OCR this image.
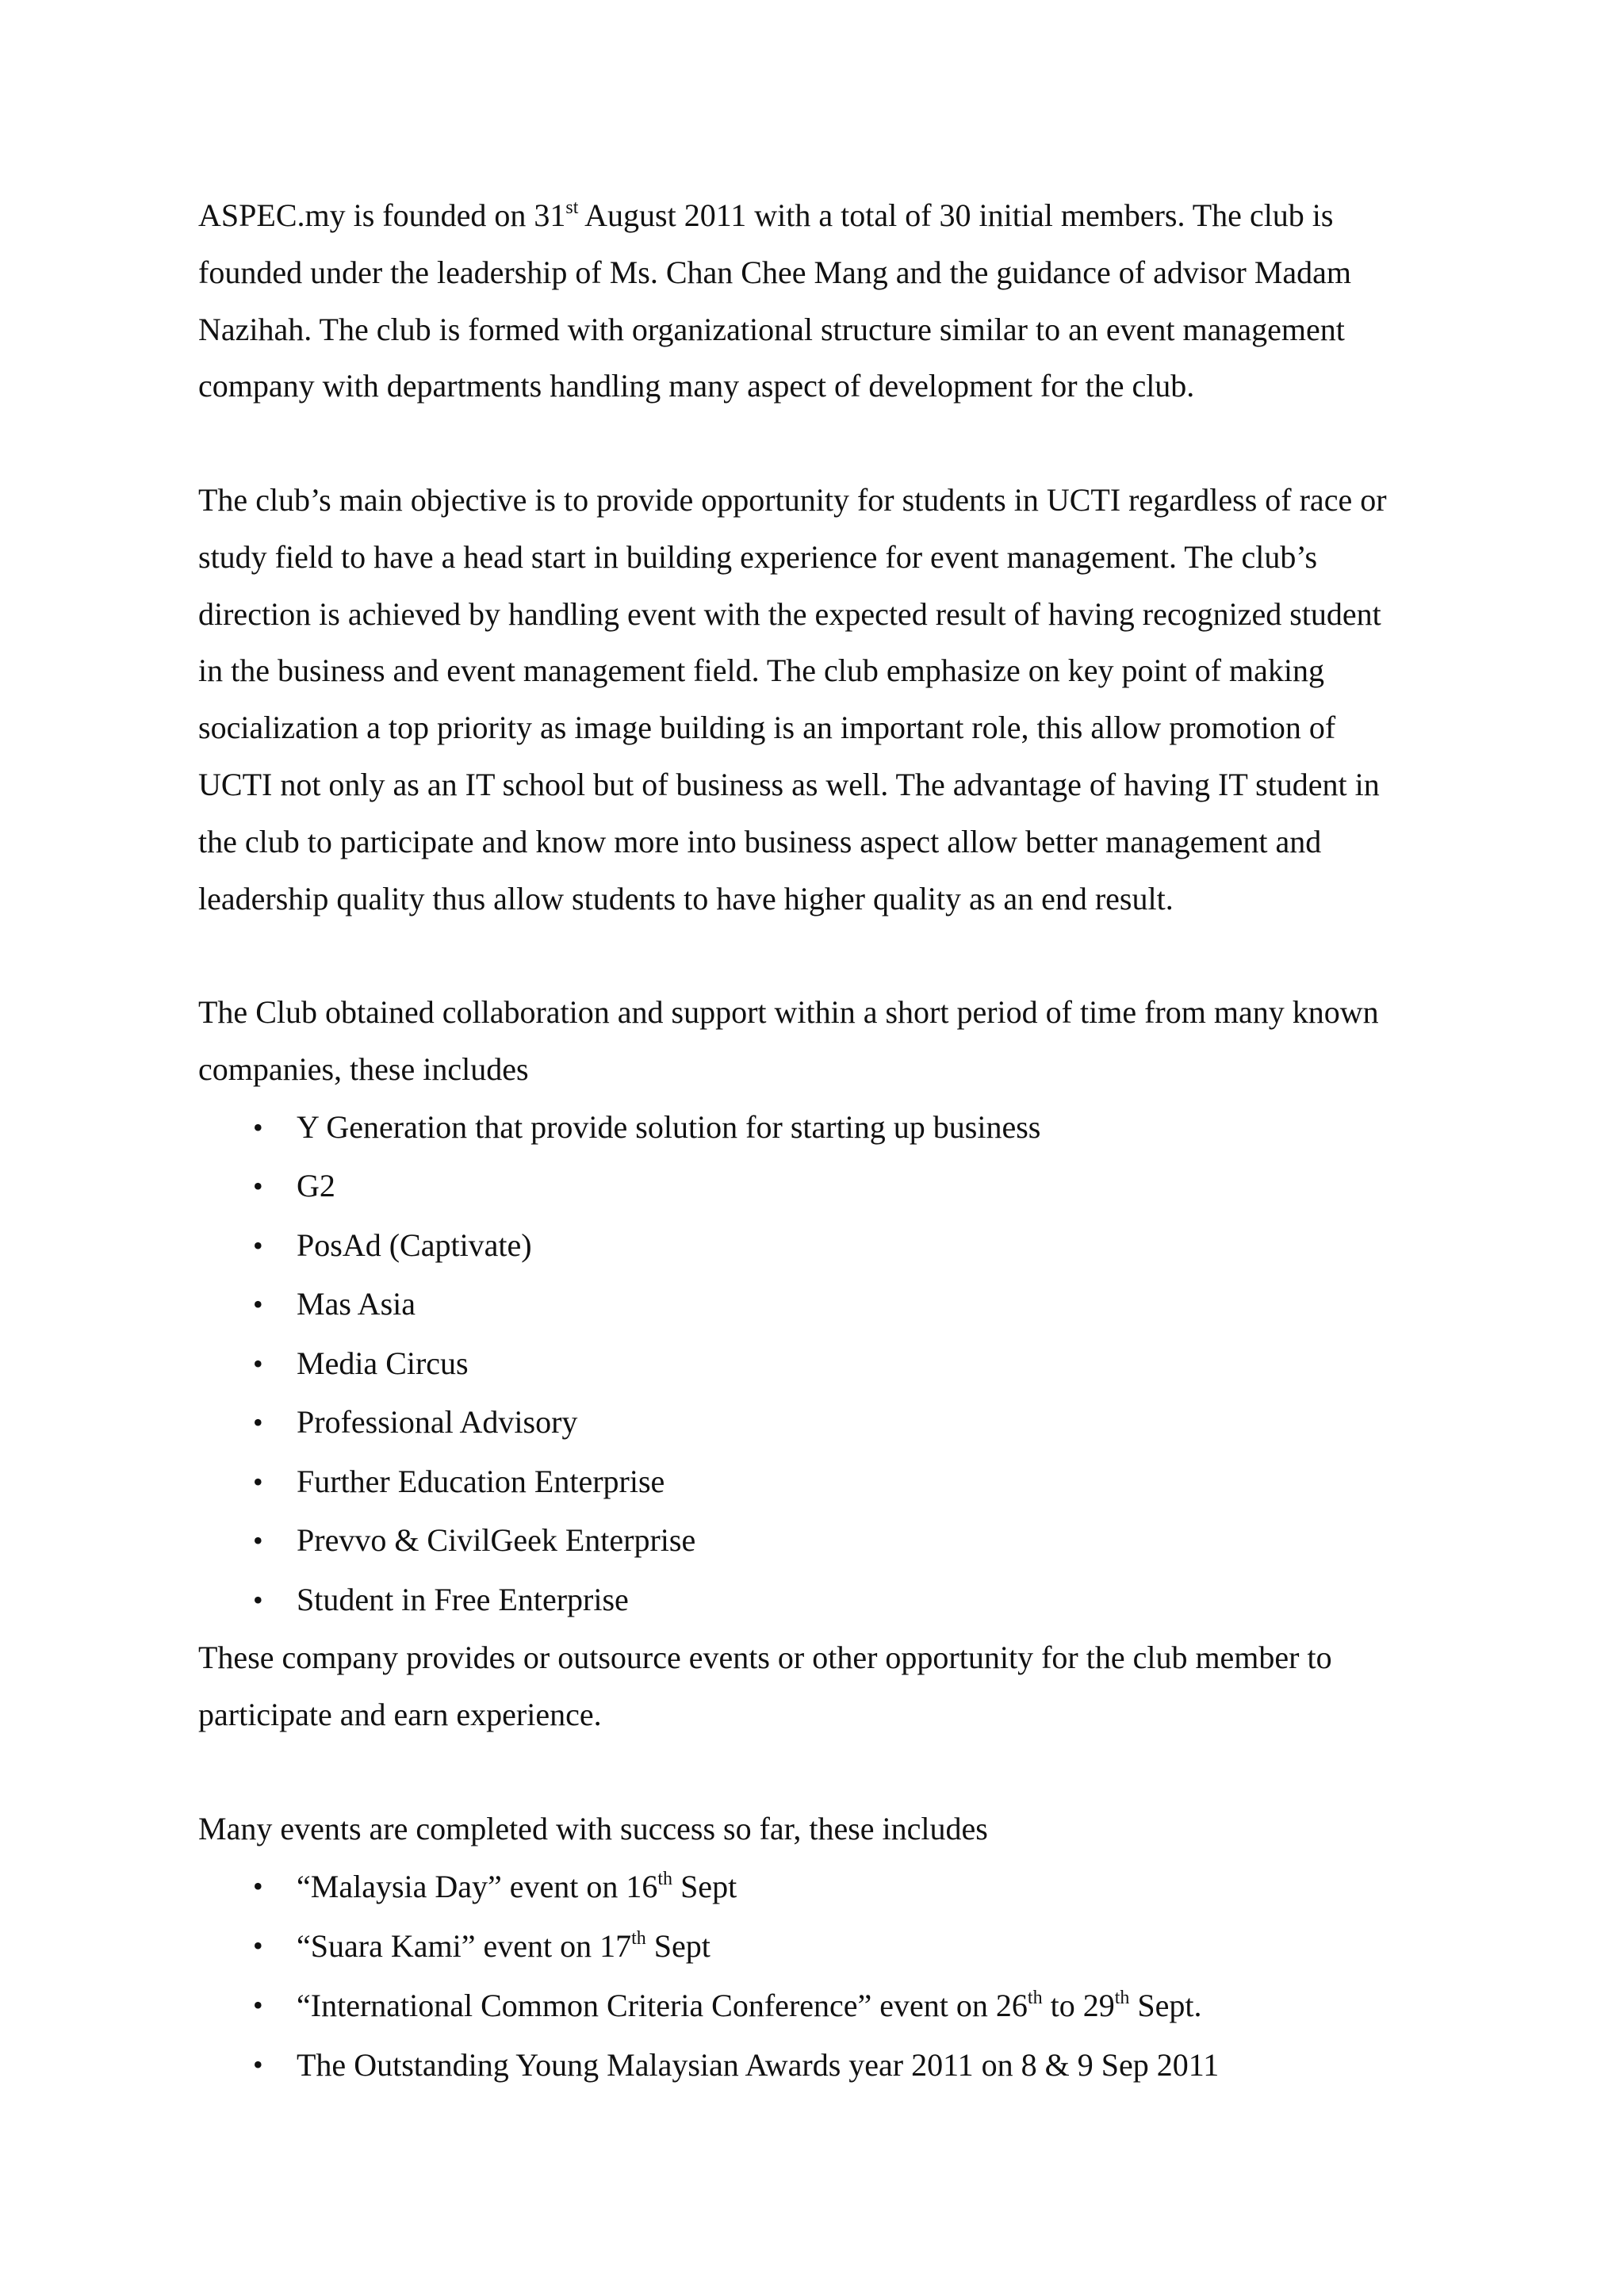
ASPEC.my is founded on 31st August 2011 with a total of 30 initial members. The club is
founded under the leadership of Ms. Chan Chee Mang and the guidance of advisor Madam
Nazihah. The club is formed with organizational structure similar to an event management
company with departments handling many aspect of development for the club.

The club’s main objective is to provide opportunity for students in UCTI regardless of race or
study field to have a head start in building experience for event management. The club’s
direction is achieved by handling event with the expected result of having recognized student
in the business and event management field. The club emphasize on key point of making
socialization a top priority as image building is an important role, this allow promotion of
UCTI not only as an IT school but of business as well. The advantage of having IT student in
the club to participate and know more into business aspect allow better management and
leadership quality thus allow students to have higher quality as an end result.

The Club obtained collaboration and support within a short period of time from many known
companies, these includes

• Y Generation that provide solution for starting up business
• G2
• PosAd (Captivate)
• Mas Asia
• Media Circus
• Professional Advisory
• Further Education Enterprise
• Prevvo & CivilGeek Enterprise
• Student in Free Enterprise

These company provides or outsource events or other opportunity for the club member to
participate and earn experience.

Many events are completed with success so far, these includes

• “Malaysia Day” event on 16th Sept
• “Suara Kami” event on 17th Sept
• “International Common Criteria Conference” event on 26th to 29th Sept.
• The Outstanding Young Malaysian Awards year 2011 on 8 & 9 Sep 2011
